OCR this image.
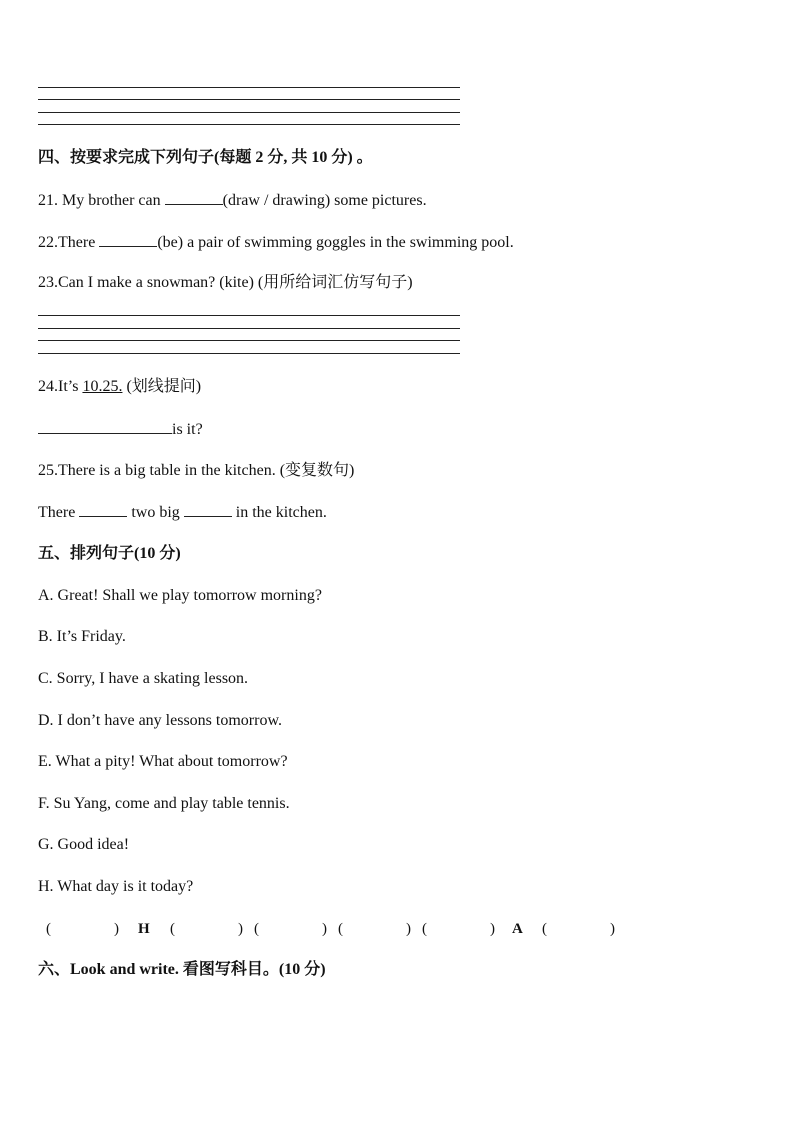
四、按要求完成下列句子(每题 2 分, 共 10 分) 。
21. My brother can	(draw / drawing) some pictures.
22.There	(be) a pair of swimming goggles in the swimming pool.
23.Can I make a snowman? (kite) (用所给词汇仿写句子)
24.It’s 10.25. (划线提问)
is it?
25.There is a big table in the kitchen. (变复数句)
There	two big	in the kitchen.
五、排列句子(10 分)
A. Great! Shall we play tomorrow morning?
B. It’s Friday.
C. Sorry, I have a skating lesson.
D. I don’t have any lessons tomorrow.
E. What a pity! What about tomorrow?
F. Su Yang, come and play table tennis.
G. Good idea!
H. What day is it today?
(	) H (	) (	) (	) (	) A (	)
六、Look and write. 看图写科目。(10 分)
